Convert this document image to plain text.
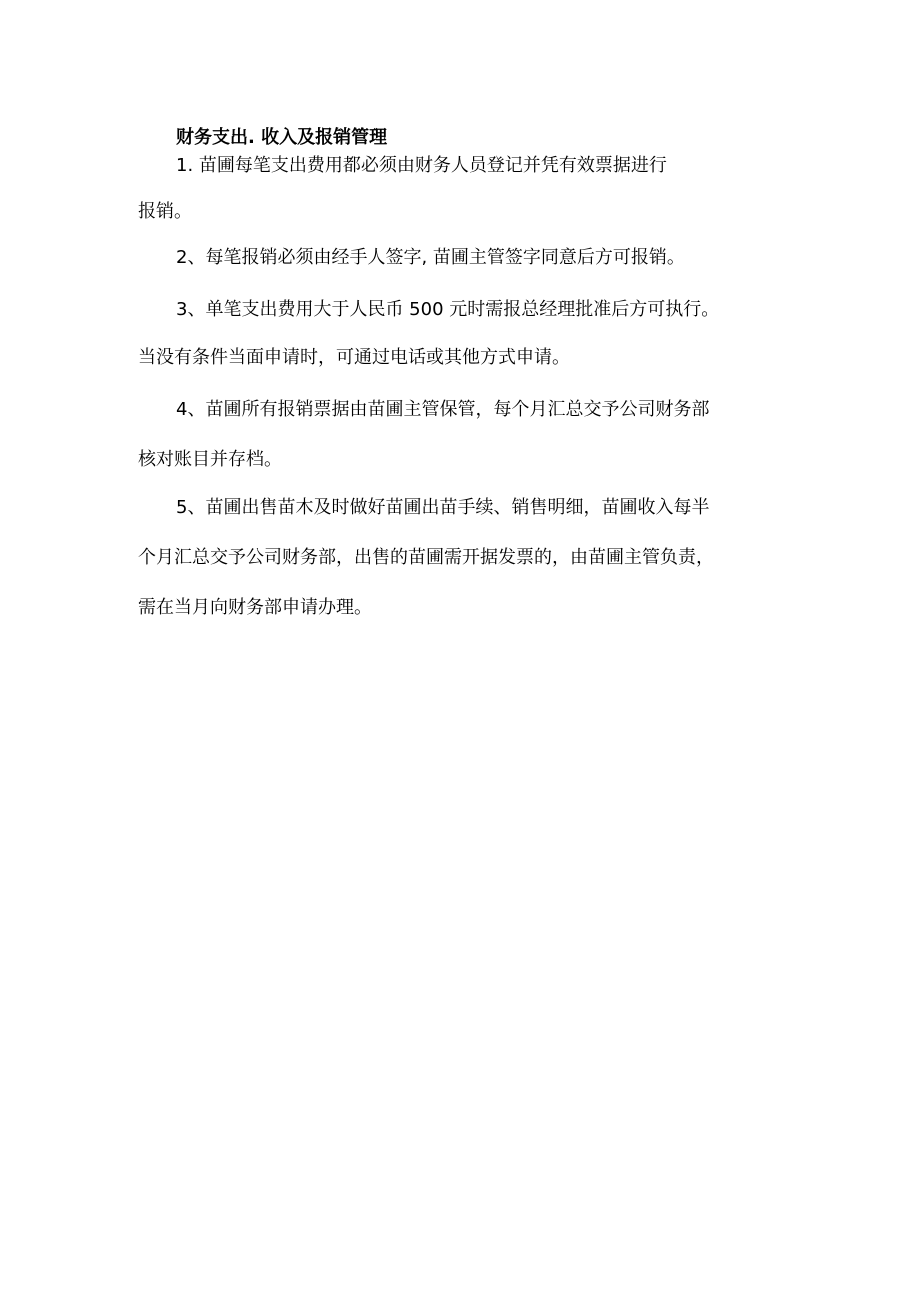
财务支出. 收入及报销管理
1. 苗圃每笔支出费用都必须由财务人员登记并凭有效票据进行
报销。
2、每笔报销必须由经手人签字, 苗圃主管签字同意后方可报销。
3、单笔支出费用大于人民币 500 元时需报总经理批准后方可执行。
当没有条件当面申请时，可通过电话或其他方式申请。
4、苗圃所有报销票据由苗圃主管保管，每个月汇总交予公司财务部
核对账目并存档。
5、苗圃出售苗木及时做好苗圃出苗手续、销售明细，苗圃收入每半
个月汇总交予公司财务部，出售的苗圃需开据发票的，由苗圃主管负责，
需在当月向财务部申请办理。
